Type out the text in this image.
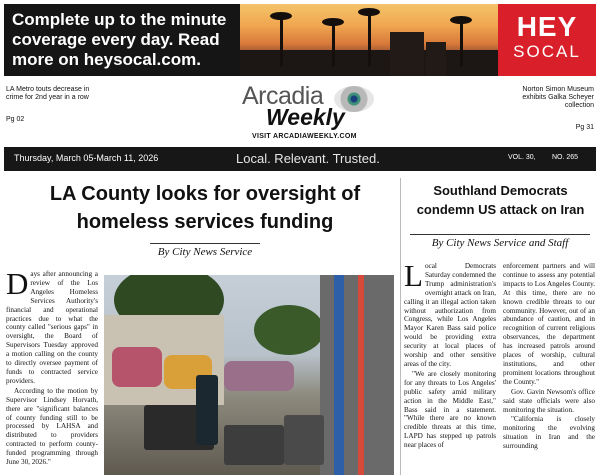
Complete up to the minute coverage every day. Read more on heysocal.com.
HEY
SOCAL
LA Metro touts decrease in crime for 2nd year in a row
Pg 02
Arcadia
Weekly
VISIT ARCADIAWEEKLY.COM
Norton Simon Museum exhibits Galka Scheyer collection
Pg 31
Thursday, March 05-March 11, 2026	Local. Relevant. Trusted.	VOL. 30, NO. 265
LA County looks for oversight of homeless services funding
By City News Service

Days after announcing a review of the Los Angeles Homeless Services Authority's financial and operational practices due to what the county called "serious gaps" in oversight, the Board of Supervisors Tuesday approved a motion calling on the county to directly oversee payment of funds to contracted service providers.

According to the motion by Supervisor Lindsey Horvath, there are "significant balances of county funding still to be processed by LAHSA and distributed to providers contracted to perform county-funded programming through June 30, 2026."

Southland Democrats condemn US attack on Iran
By City News Service and Staff

Local Democrats Saturday condemned the Trump administration's overnight attack on Iran, calling it an illegal action taken without authorization from Congress, while Los Angeles Mayor Karen Bass said police would be providing extra security at local places of worship and other sensitive areas of the city.

"We are closely monitoring for any threats to Los Angeles' public safety amid military action in the Middle East," Bass said in a statement. "While there are no known credible threats at this time, LAPD has stepped up patrols near places of

enforcement partners and will continue to assess any potential impacts to Los Angeles County. At this time, there are no known credible threats to our community. However, out of an abundance of caution, and in recognition of current religious observances, the department has increased patrols around places of worship, cultural institutions, and other prominent locations throughout the County."

Gov. Gavin Newsom's office said state officials were also monitoring the situation.

"California is closely monitoring the evolving situation in Iran and the surrounding
